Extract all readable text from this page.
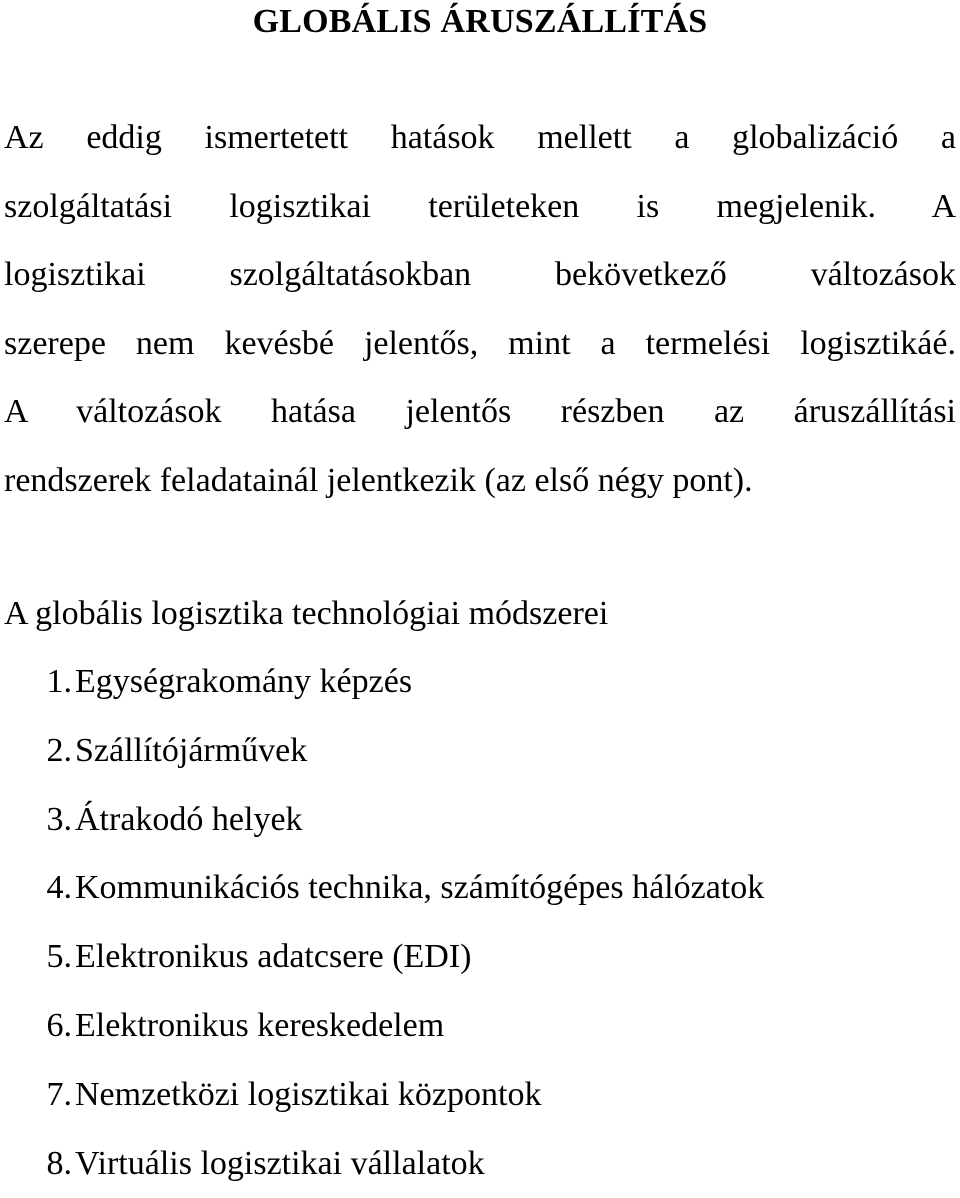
GLOBÁLIS ÁRUSZÁLLÍTÁS
Az eddig ismertetett hatások mellett a globalizáció a
szolgáltatási logisztikai területeken is megjelenik. A
logisztikai szolgáltatásokban bekövetkező változások
szerepe nem kevésbé jelentős, mint a termelési logisztikáé.
A változások hatása jelentős részben az áruszállítási
rendszerek feladatainál jelentkezik (az első négy pont).
A globális logisztika technológiai módszerei
1.Egységrakomány képzés
2.Szállítójárművek
3.Átrakodó helyek
4.Kommunikációs technika, számítógépes hálózatok
5.Elektronikus adatcsere (EDI)
6.Elektronikus kereskedelem
7.Nemzetközi logisztikai központok
8.Virtuális logisztikai vállalatok
